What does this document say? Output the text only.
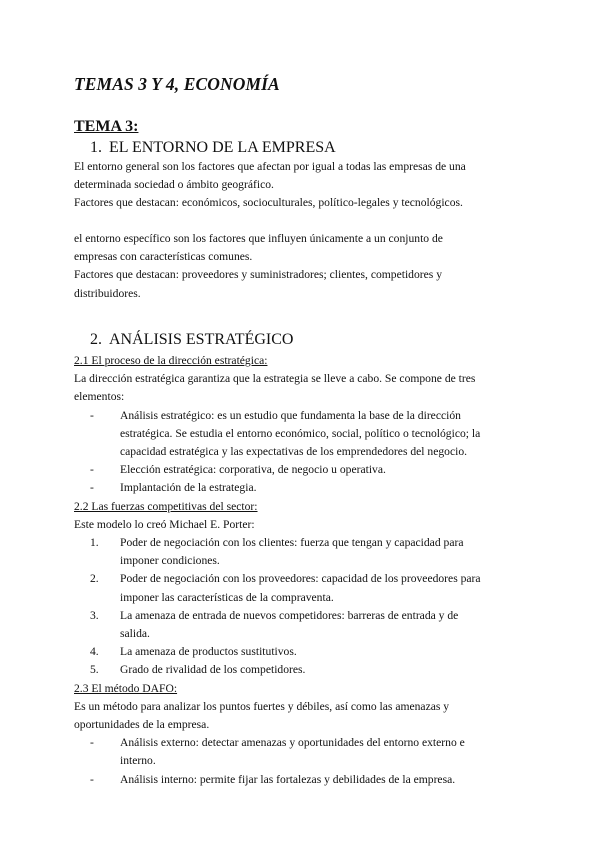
TEMAS 3 Y 4, ECONOMÍA
TEMA 3:
1. EL ENTORNO DE LA EMPRESA

El entorno general son los factores que afectan por igual a todas las empresas de una

determinada sociedad o ámbito geográfico.

Factores que destacan: económicos, socioculturales, político-legales y tecnológicos.

el entorno específico son los factores que influyen únicamente a un conjunto de

empresas con características comunes.

Factores que destacan: proveedores y suministradores; clientes, competidores y

distribuidores.

2. ANÁLISIS ESTRATÉGICO

2.1 El proceso de la dirección estratégica:

La dirección estratégica garantiza que la estrategia se lleve a cabo. Se compone de tres

elementos:

- Análisis estratégico: es un estudio que fundamenta la base de la dirección
estratégica. Se estudia el entorno económico, social, político o tecnológico; la
capacidad estratégica y las expectativas de los emprendedores del negocio.
- Elección estratégica: corporativa, de negocio u operativa.
- Implantación de la estrategia.

2.2 Las fuerzas competitivas del sector:

Este modelo lo creó Michael E. Porter:

1. Poder de negociación con los clientes: fuerza que tengan y capacidad para
imponer condiciones.
2. Poder de negociación con los proveedores: capacidad de los proveedores para
imponer las características de la compraventa.
3. La amenaza de entrada de nuevos competidores: barreras de entrada y de
salida.
4. La amenaza de productos sustitutivos.
5. Grado de rivalidad de los competidores.

2.3 El método DAFO:

Es un método para analizar los puntos fuertes y débiles, así como las amenazas y

oportunidades de la empresa.

- Análisis externo: detectar amenazas y oportunidades del entorno externo e
interno.
- Análisis interno: permite fijar las fortalezas y debilidades de la empresa.
